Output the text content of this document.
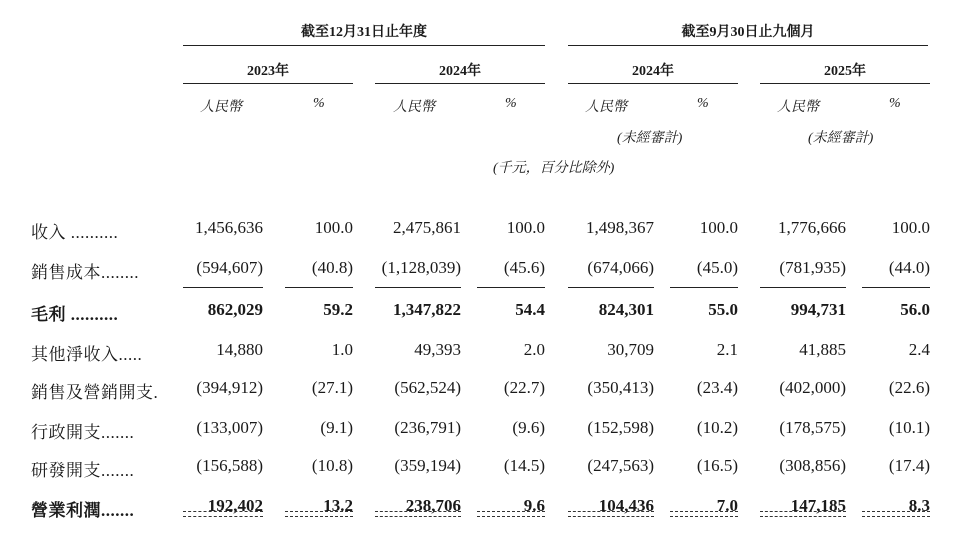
截至12月31日止年度	截至9月30日止九個月
2023年	2024年	2024年	2025年
人民幣	%	人民幣	%	人民幣	%	人民幣	%
(未經審計)	(未經審計)
(千元，百分比除外)
收入 ..........	1,456,636	100.0 2,475,861	100.0 1,498,367	100.0 1,776,666	100.0
銷售成本........	(594,607)	(40.8) (1,128,039)	(45.6) (674,066)	(45.0) (781,935)	(44.0)
毛利 ..........	862,029	59.2 1,347,822	54.4	824,301	55.0	994,731	56.0
其他淨收入.....	14,880	1.0	49,393	2.0	30,709	2.1	41,885	2.4
銷售及營銷開支. (394,912)	(27.1) (562,524)	(22.7) (350,413)	(23.4) (402,000)	(22.6)
行政開支.......	(133,007)	(9.1) (236,791)	(9.6) (152,598)	(10.2) (178,575)	(10.1)
研發開支.......	(156,588)	(10.8) (359,194)	(14.5) (247,563)	(16.5) (308,856)	(17.4)
營業利潤.......	192,402	13.2	238,706	9.6	104,436	7.0	147,185	8.3
